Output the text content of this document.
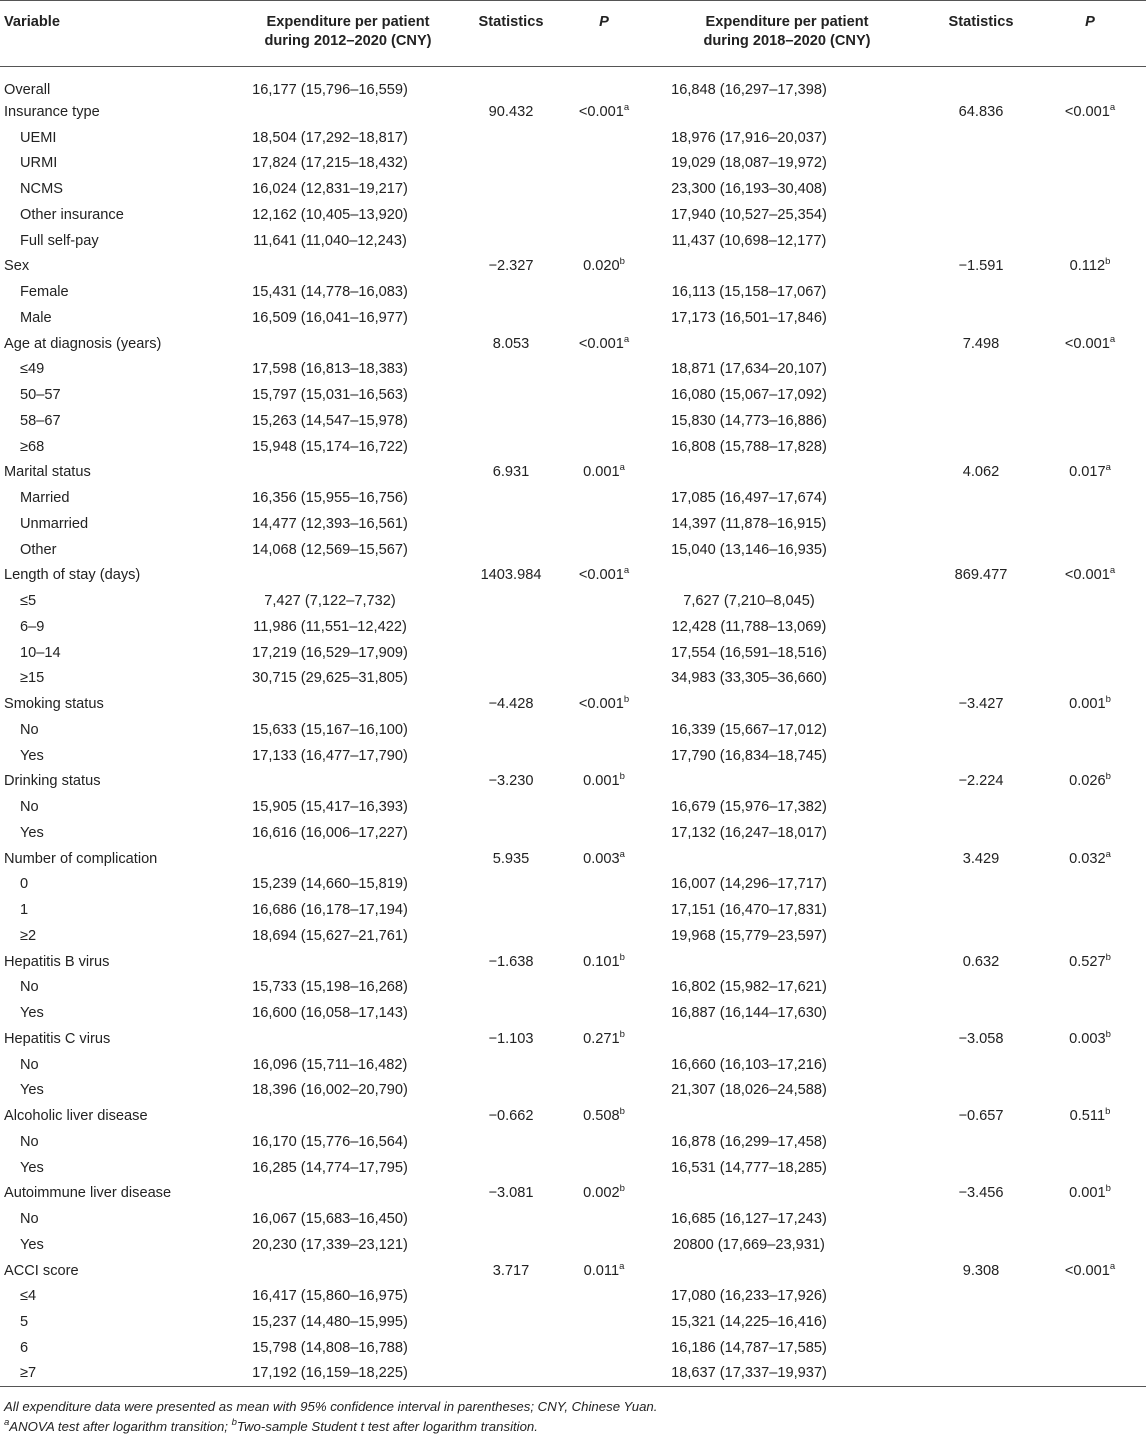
Variable	Expenditure per patient
during 2012–2020 (CNY)	Statistics	P	Expenditure per patient
during 2018–2020 (CNY)	Statistics	P
Overall	16,177 (15,796–16,559)			16,848 (16,297–17,398)		
Insurance type		90.432	<0.001$^a$		64.836	<0.001$^a$
UEMI	18,504 (17,292–18,817)			18,976 (17,916–20,037)		
URMI	17,824 (17,215–18,432)			19,029 (18,087–19,972)		
NCMS	16,024 (12,831–19,217)			23,300 (16,193–30,408)		
Other insurance	12,162 (10,405–13,920)			17,940 (10,527–25,354)		
Full self-pay	11,641 (11,040–12,243)			11,437 (10,698–12,177)		
Sex		−2.327	0.020$^b$		−1.591	0.112$^b$
Female	15,431 (14,778–16,083)			16,113 (15,158–17,067)		
Male	16,509 (16,041–16,977)			17,173 (16,501–17,846)		
Age at diagnosis (years)		8.053	<0.001$^a$		7.498	<0.001$^a$
≤49	17,598 (16,813–18,383)			18,871 (17,634–20,107)		
50–57	15,797 (15,031–16,563)			16,080 (15,067–17,092)		
58–67	15,263 (14,547–15,978)			15,830 (14,773–16,886)		
≥68	15,948 (15,174–16,722)			16,808 (15,788–17,828)		
Marital status		6.931	0.001$^a$		4.062	0.017$^a$
Married	16,356 (15,955–16,756)			17,085 (16,497–17,674)		
Unmarried	14,477 (12,393–16,561)			14,397 (11,878–16,915)		
Other	14,068 (12,569–15,567)			15,040 (13,146–16,935)		
Length of stay (days)		1403.984	<0.001$^a$		869.477	<0.001$^a$
≤5	7,427 (7,122–7,732)			7,627 (7,210–8,045)		
6–9	11,986 (11,551–12,422)			12,428 (11,788–13,069)		
10–14	17,219 (16,529–17,909)			17,554 (16,591–18,516)		
≥15	30,715 (29,625–31,805)			34,983 (33,305–36,660)		
Smoking status		−4.428	<0.001$^b$		−3.427	0.001$^b$
No	15,633 (15,167–16,100)			16,339 (15,667–17,012)		
Yes	17,133 (16,477–17,790)			17,790 (16,834–18,745)		
Drinking status		−3.230	0.001$^b$		−2.224	0.026$^b$
No	15,905 (15,417–16,393)			16,679 (15,976–17,382)		
Yes	16,616 (16,006–17,227)			17,132 (16,247–18,017)		
Number of complication		5.935	0.003$^a$		3.429	0.032$^a$
0	15,239 (14,660–15,819)			16,007 (14,296–17,717)		
1	16,686 (16,178–17,194)			17,151 (16,470–17,831)		
≥2	18,694 (15,627–21,761)			19,968 (15,779–23,597)		
Hepatitis B virus		−1.638	0.101$^b$		0.632	0.527$^b$
No	15,733 (15,198–16,268)			16,802 (15,982–17,621)		
Yes	16,600 (16,058–17,143)			16,887 (16,144–17,630)		
Hepatitis C virus		−1.103	0.271$^b$		−3.058	0.003$^b$
No	16,096 (15,711–16,482)			16,660 (16,103–17,216)		
Yes	18,396 (16,002–20,790)			21,307 (18,026–24,588)		
Alcoholic liver disease		−0.662	0.508$^b$		−0.657	0.511$^b$
No	16,170 (15,776–16,564)			16,878 (16,299–17,458)		
Yes	16,285 (14,774–17,795)			16,531 (14,777–18,285)		
Autoimmune liver disease		−3.081	0.002$^b$		−3.456	0.001$^b$
No	16,067 (15,683–16,450)			16,685 (16,127–17,243)		
Yes	20,230 (17,339–23,121)			20800 (17,669–23,931)		
ACCI score		3.717	0.011$^a$		9.308	<0.001$^a$
≤4	16,417 (15,860–16,975)			17,080 (16,233–17,926)		
5	15,237 (14,480–15,995)			15,321 (14,225–16,416)		
6	15,798 (14,808–16,788)			16,186 (14,787–17,585)		
≥7	17,192 (16,159–18,225)			18,637 (17,337–19,937)		
All expenditure data were presented as mean with 95% confidence interval in parentheses; CNY, Chinese Yuan.
$^a$ANOVA test after logarithm transition; $^b$Two-sample Student t test after logarithm transition.
